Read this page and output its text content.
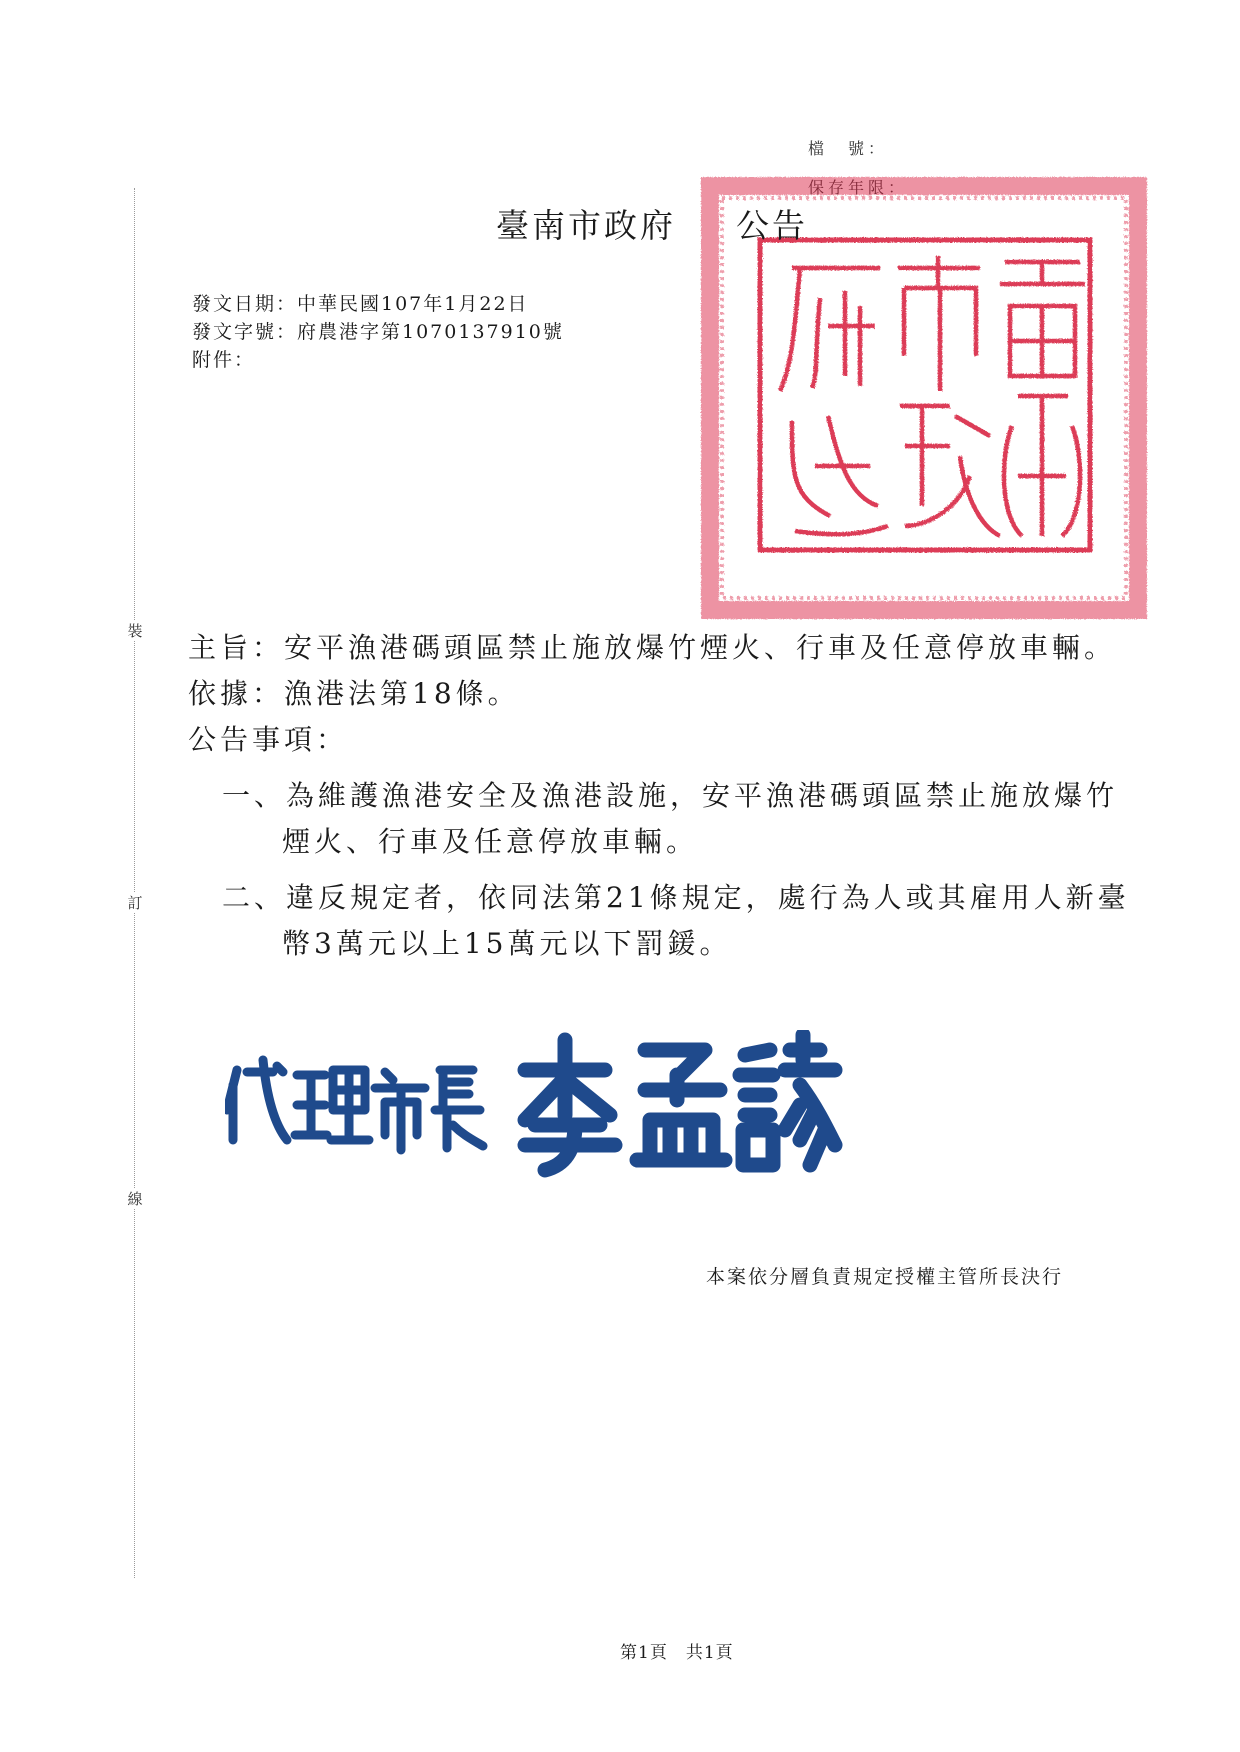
裝
訂
線
檔　號：
保存年限：
臺南市政府 公告
發文日期：中華民國107年1月22日
發文字號：府農港字第1070137910號
附件：
主旨：安平漁港碼頭區禁止施放爆竹煙火、行車及任意停放車輛。
依據：漁港法第18條。
公告事項：
一、為維護漁港安全及漁港設施，安平漁港碼頭區禁止施放爆竹
煙火、行車及任意停放車輛。
二、違反規定者，依同法第21條規定，處行為人或其雇用人新臺
幣3萬元以上15萬元以下罰鍰。
本案依分層負責規定授權主管所長決行
第1頁　共1頁
